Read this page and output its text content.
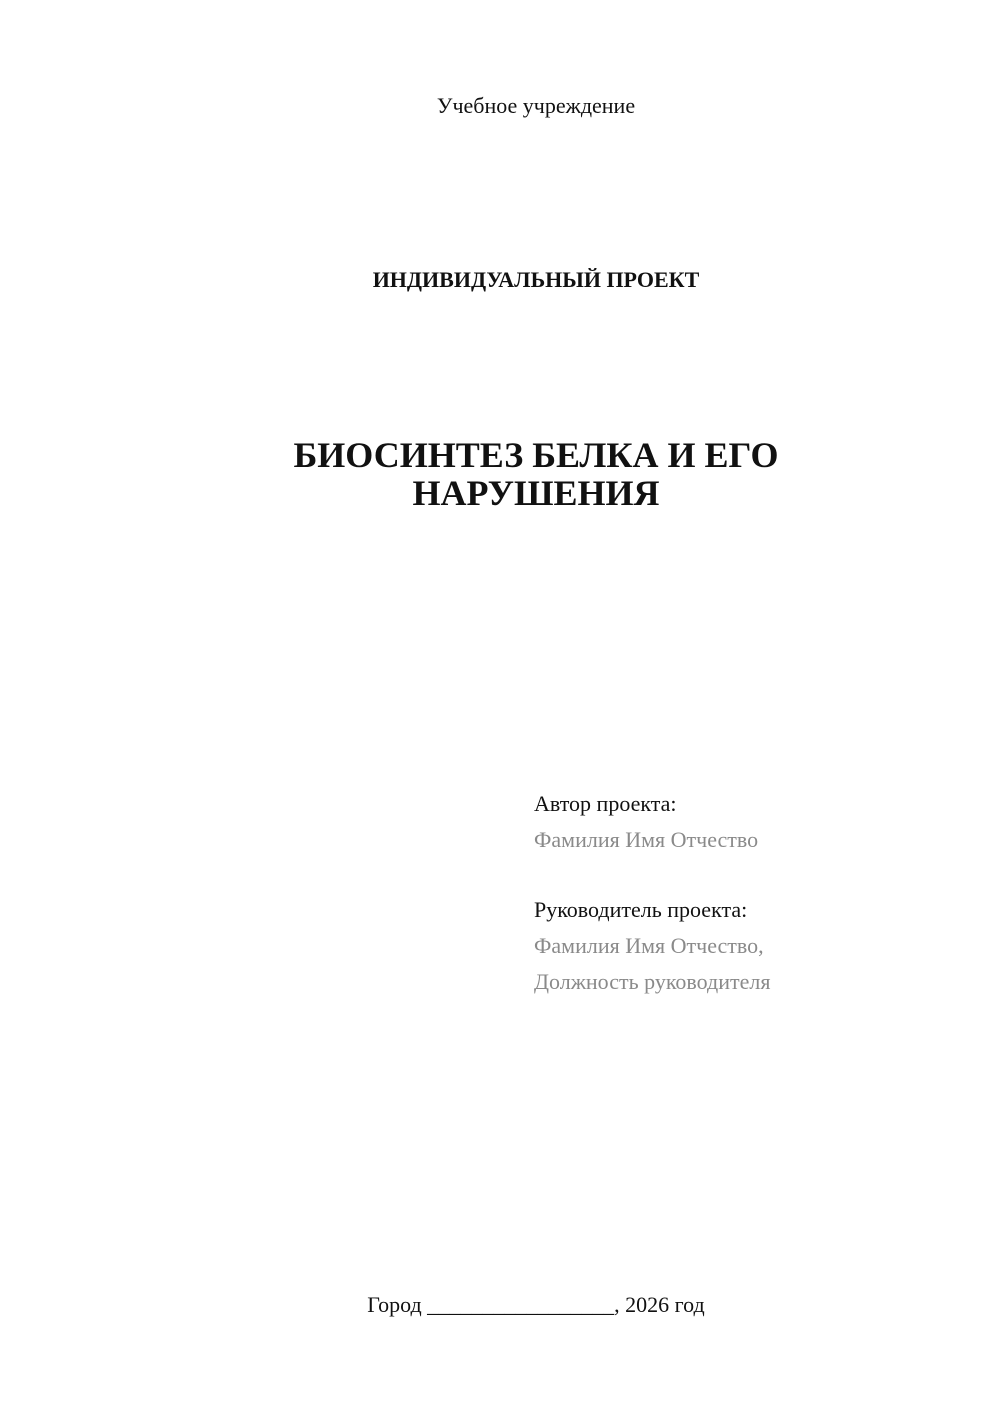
Учебное учреждение
ИНДИВИДУАЛЬНЫЙ ПРОЕКТ
БИОСИНТЕЗ БЕЛКА И ЕГО
НАРУШЕНИЯ
Автор проекта:
Фамилия Имя Отчество
Руководитель проекта:
Фамилия Имя Отчество,
Должность руководителя
Город _________________, 2026 год
